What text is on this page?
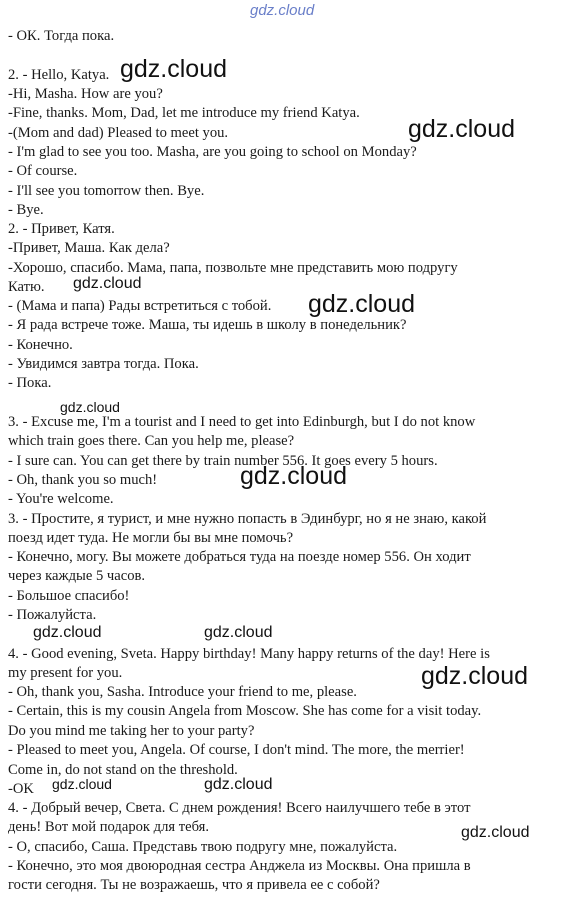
gdz.cloud
- ОК. Тогда пока.
2. - Hello, Katya.
-Hi, Masha. How are you?
-Fine, thanks. Mom, Dad, let me introduce my friend Katya.
-(Mom and dad) Pleased to meet you.
- I'm glad to see you too. Masha, are you going to school on Monday?
- Of course.
- I'll see you tomorrow then. Bye.
- Bye.
2. - Привет, Катя.
-Привет, Маша. Как дела?
-Хорошо, спасибо. Мама, папа, позвольте мне представить мою подругу
Катю.
- (Мама и папа) Рады встретиться с тобой.
- Я рада встрече тоже. Маша, ты идешь в школу в понедельник?
- Конечно.
- Увидимся завтра тогда. Пока.
- Пока.
3. - Excuse me, I'm a tourist and I need to get into Edinburgh, but I do not know
which train goes there. Can you help me, please?
- I sure can. You can get there by train number 556. It goes every 5 hours.
- Oh, thank you so much!
- You're welcome.
3. - Простите, я турист, и мне нужно попасть в Эдинбург, но я не знаю, какой
поезд идет туда. Не могли бы вы мне помочь?
- Конечно, могу. Вы можете добраться туда на поезде номер 556. Он ходит
через каждые 5 часов.
- Большое спасибо!
- Пожалуйста.
4. - Good evening, Sveta. Happy birthday! Many happy returns of the day! Here is
my present for you.
- Oh, thank you, Sasha. Introduce your friend to me, please.
- Certain, this is my cousin Angela from Moscow. She has come for a visit today.
Do you mind me taking her to your party?
- Pleased to meet you, Angela. Of course, I don't mind. The more, the merrier!
Come in, do not stand on the threshold.
-OK
4. - Добрый вечер, Света. С днем рождения! Всего наилучшего тебе в этот
день! Вот мой подарок для тебя.
- О, спасибо, Саша. Представь твою подругу мне, пожалуйста.
- Конечно, это моя двоюродная сестра Анджела из Москвы. Она пришла в
гости сегодня. Ты не возражаешь, что я привела ее с собой?
gdz.cloud
gdz.cloud
gdz.cloud
gdz.cloud
gdz.cloud
gdz.cloud
gdz.cloud	gdz.cloud
gdz.cloud
gdz.cloud	gdz.cloud
gdz.cloud
